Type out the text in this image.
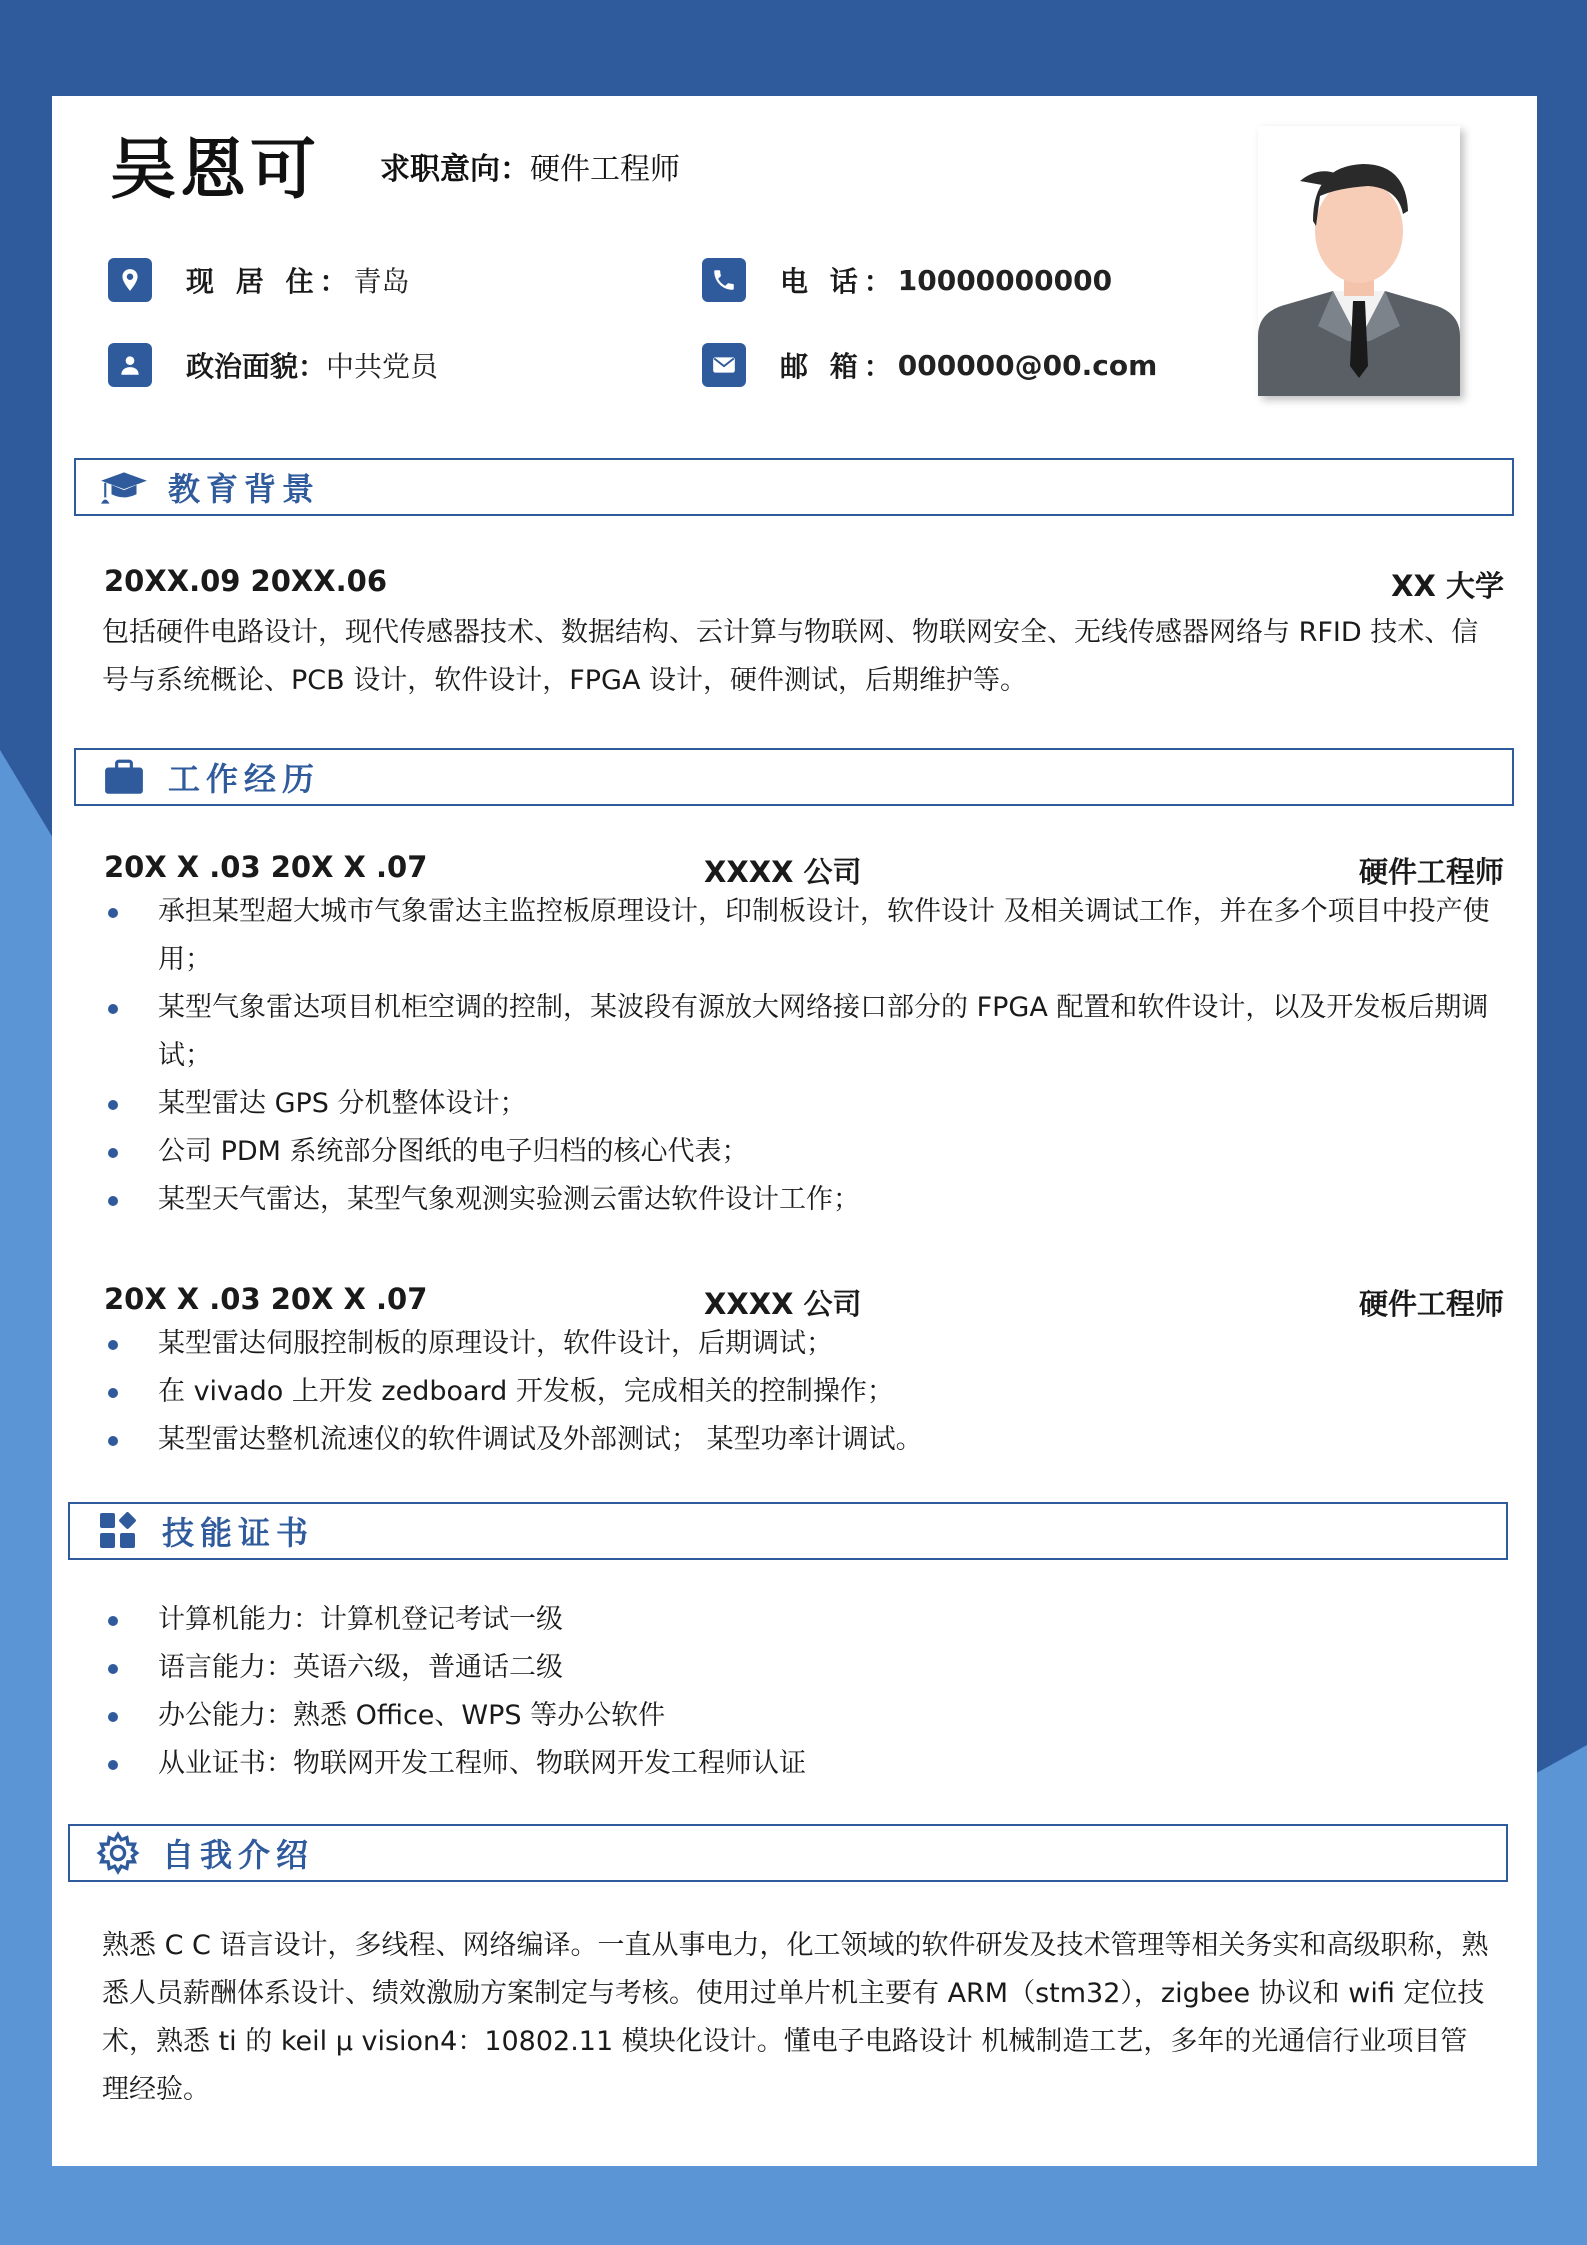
吴恩可 求职意向：硬件工程师
现 居 住： 青岛
政治面貌： 中共党员
电 话： 10000000000
邮 箱： 000000@00.com
教育背景
20XX.09 20XX.06	XX 大学
包括硬件电路设计，现代传感器技术、数据结构、云计算与物联网、物联网安全、无线传感器网络与 RFID 技术、信号与系统概论、PCB 设计，软件设计，FPGA 设计，硬件测试，后期维护等。
工作经历
20X X .03 20X X .07	XXXX 公司	硬件工程师
承担某型超大城市气象雷达主监控板原理设计，印制板设计，软件设计 及相关调试工作，并在多个项目中投产使用；
某型气象雷达项目机柜空调的控制，某波段有源放大网络接口部分的 FPGA 配置和软件设计，以及开发板后期调试；
某型雷达 GPS 分机整体设计；
公司 PDM 系统部分图纸的电子归档的核心代表；
某型天气雷达，某型气象观测实验测云雷达软件设计工作；
20X X .03 20X X .07	XXXX 公司	硬件工程师
某型雷达伺服控制板的原理设计，软件设计，后期调试；
在 vivado 上开发 zedboard 开发板，完成相关的控制操作；
某型雷达整机流速仪的软件调试及外部测试； 某型功率计调试。
技能证书
计算机能力：计算机登记考试一级
语言能力：英语六级，普通话二级
办公能力：熟悉 Office、WPS 等办公软件
从业证书：物联网开发工程师、物联网开发工程师认证
自我介绍
熟悉 C C 语言设计，多线程、网络编译。一直从事电力，化工领域的软件研发及技术管理等相关务实和高级职称，熟悉人员薪酬体系设计、绩效激励方案制定与考核。使用过单片机主要有 ARM（stm32），zigbee 协议和 wifi 定位技术，熟悉 ti 的 keil μ vision4：10802.11 模块化设计。懂电子电路设计 机械制造工艺，多年的光通信行业项目管理经验。
